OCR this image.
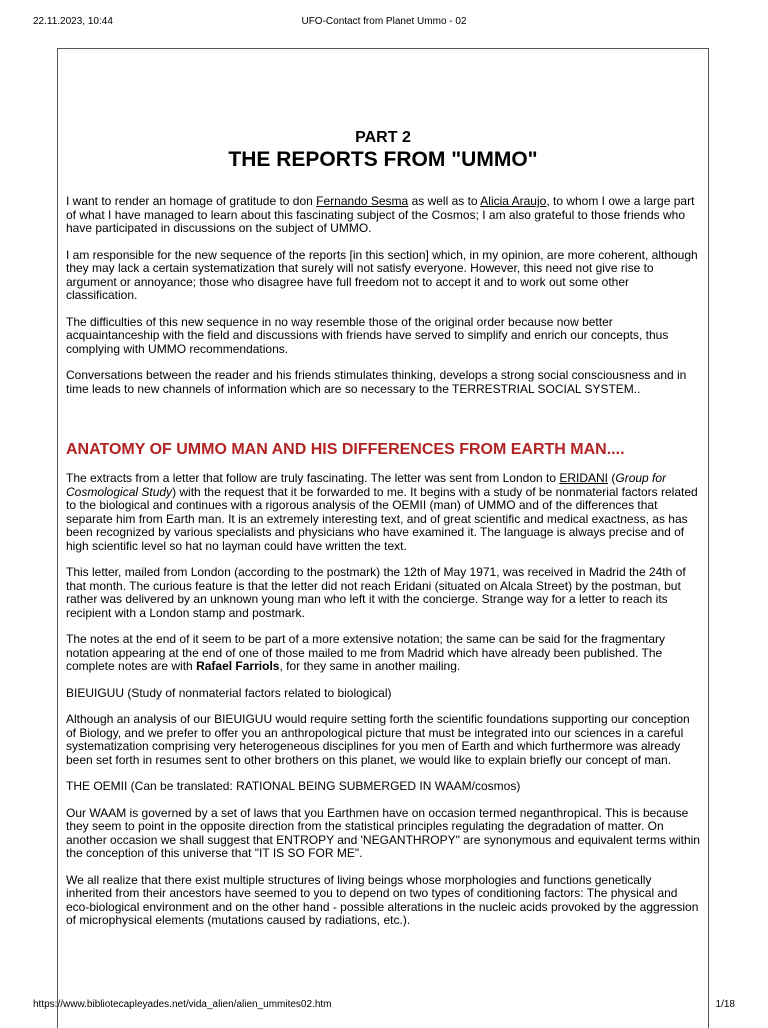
22.11.2023, 10:44	UFO-Contact from Planet Ummo - 02
PART 2
THE REPORTS FROM "UMMO"

I want to render an homage of gratitude to don Fernando Sesma as well as to Alicia Araujo, to whom I owe a large part of what I have managed to learn about this fascinating subject of the Cosmos; I am also grateful to those friends who have participated in discussions on the subject of UMMO.

I am responsible for the new sequence of the reports [in this section] which, in my opinion, are more coherent, although they may lack a certain systematization that surely will not satisfy everyone. However, this need not give rise to argument or annoyance; those who disagree have full freedom not to accept it and to work out some other classification.

The difficulties of this new sequence in no way resemble those of the original order because now better acquaintanceship with the field and discussions with friends have served to simplify and enrich our concepts, thus complying with UMMO recommendations.

Conversations between the reader and his friends stimulates thinking, develops a strong social consciousness and in time leads to new channels of information which are so necessary to the TERRESTRIAL SOCIAL SYSTEM..

ANATOMY OF UMMO MAN AND HIS DIFFERENCES FROM EARTH MAN....

The extracts from a letter that follow are truly fascinating. The letter was sent from London to ERIDANI (Group for Cosmological Study) with the request that it be forwarded to me. It begins with a study of be nonmaterial factors related to the biological and continues with a rigorous analysis of the OEMII (man) of UMMO and of the differences that separate him from Earth man. It is an extremely interesting text, and of great scientific and medical exactness, as has been recognized by various specialists and physicians who have examined it. The language is always precise and of high scientific level so hat no layman could have written the text.

This letter, mailed from London (according to the postmark) the 12th of May 1971, was received in Madrid the 24th of that month. The curious feature is that the letter did not reach Eridani (situated on Alcala Street) by the postman, but rather was delivered by an unknown young man who left it with the concierge. Strange way for a letter to reach its recipient with a London stamp and postmark.

The notes at the end of it seem to be part of a more extensive notation; the same can be said for the fragmentary notation appearing at the end of one of those mailed to me from Madrid which have already been published. The complete notes are with Rafael Farriols, for they same in another mailing.

BIEUIGUU (Study of nonmaterial factors related to biological)

Although an analysis of our BIEUIGUU would require setting forth the scientific foundations supporting our conception of Biology, and we prefer to offer you an anthropological picture that must be integrated into our sciences in a careful systematization comprising very heterogeneous disciplines for you men of Earth and which furthermore was already been set forth in resumes sent to other brothers on this planet, we would like to explain briefly our concept of man.

THE OEMII (Can be translated: RATIONAL BEING SUBMERGED IN WAAM/cosmos)

Our WAAM is governed by a set of laws that you Earthmen have on occasion termed neganthropical. This is because they seem to point in the opposite direction from the statistical principles regulating the degradation of matter. On another occasion we shall suggest that ENTROPY and 'NEGANTHROPY" are synonymous and equivalent terms within the conception of this universe that "IT IS SO FOR ME".

We all realize that there exist multiple structures of living beings whose morphologies and functions genetically inherited from their ancestors have seemed to you to depend on two types of conditioning factors: The physical and eco-biological environment and on the other hand - possible alterations in the nucleic acids provoked by the aggression of microphysical elements (mutations caused by radiations, etc.).

https://www.bibliotecapleyades.net/vida_alien/alien_ummites02.htm	1/18
